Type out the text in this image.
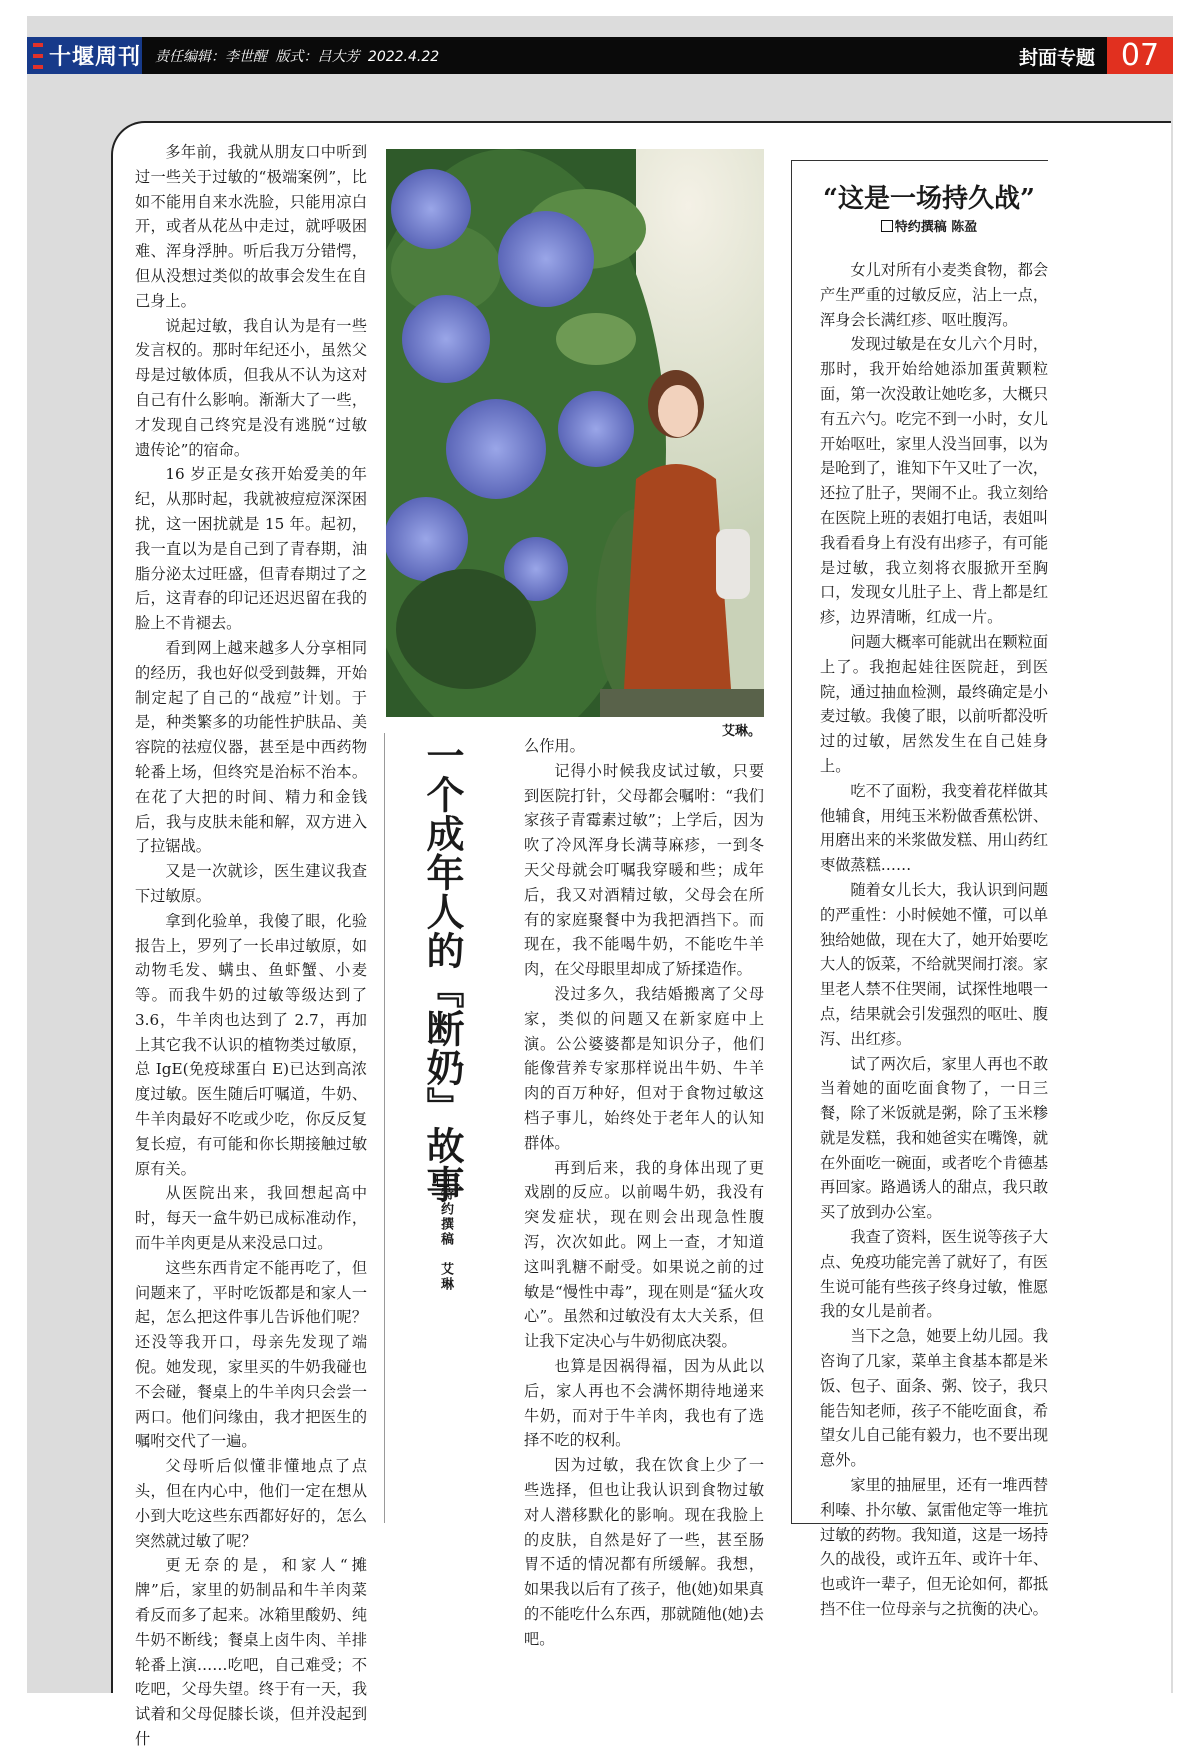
十堰周刊 责任编辑：李世醒 版式：吕大芳 2022.4.22	封面专题 07

多年前，我就从朋友口中听到过一些关于过敏的“极端案例”，比如不能用自来水洗脸，只能用凉白开，或者从花丛中走过，就呼吸困难、浑身浮肿。听后我万分错愕，但从没想过类似的故事会发生在自己身上。

说起过敏，我自认为是有一些发言权的。那时年纪还小，虽然父母是过敏体质，但我从不认为这对自己有什么影响。渐渐大了一些，才发现自己终究是没有逃脱“过敏遗传论”的宿命。

16 岁正是女孩开始爱美的年纪，从那时起，我就被痘痘深深困扰，这一困扰就是 15 年。起初，我一直以为是自己到了青春期，油脂分泌太过旺盛，但青春期过了之后，这青春的印记还迟迟留在我的脸上不肯褪去。

看到网上越来越多人分享相同的经历，我也好似受到鼓舞，开始制定起了自己的“战痘”计划。于是，种类繁多的功能性护肤品、美容院的祛痘仪器，甚至是中西药物轮番上场，但终究是治标不治本。在花了大把的时间、精力和金钱后，我与皮肤未能和解，双方进入了拉锯战。

又是一次就诊，医生建议我查下过敏原。

拿到化验单，我傻了眼，化验报告上，罗列了一长串过敏原，如动物毛发、螨虫、鱼虾蟹、小麦等。而我牛奶的过敏等级达到了 3.6，牛羊肉也达到了 2.7，再加上其它我不认识的植物类过敏原，总 IgE(免疫球蛋白 E)已达到高浓度过敏。医生随后叮嘱道，牛奶、牛羊肉最好不吃或少吃，你反反复复长痘，有可能和你长期接触过敏原有关。

从医院出来，我回想起高中时，每天一盒牛奶已成标准动作，而牛羊肉更是从来没忌口过。

这些东西肯定不能再吃了，但问题来了，平时吃饭都是和家人一起，怎么把这件事儿告诉他们呢？还没等我开口，母亲先发现了端倪。她发现，家里买的牛奶我碰也不会碰，餐桌上的牛羊肉只会尝一两口。他们问缘由，我才把医生的嘱咐交代了一遍。

父母听后似懂非懂地点了点头，但在内心中，他们一定在想从小到大吃这些东西都好好的，怎么突然就过敏了呢？

更无奈的是，和家人“摊牌”后，家里的奶制品和牛羊肉菜肴反而多了起来。冰箱里酸奶、纯牛奶不断线；餐桌上卤牛肉、羊排轮番上演……吃吧，自己难受；不吃吧，父母失望。终于有一天，我试着和父母促膝长谈，但并没起到什

艾琳。
一个成年人的『断奶』故事
特约撰稿　艾琳

么作用。

记得小时候我皮试过敏，只要到医院打针，父母都会嘱咐：“我们家孩子青霉素过敏”；上学后，因为吹了冷风浑身长满荨麻疹，一到冬天父母就会叮嘱我穿暖和些；成年后，我又对酒精过敏，父母会在所有的家庭聚餐中为我把酒挡下。而现在，我不能喝牛奶，不能吃牛羊肉，在父母眼里却成了矫揉造作。

没过多久，我结婚搬离了父母家，类似的问题又在新家庭中上演。公公婆婆都是知识分子，他们能像营养专家那样说出牛奶、牛羊肉的百万种好，但对于食物过敏这档子事儿，始终处于老年人的认知群体。

再到后来，我的身体出现了更戏剧的反应。以前喝牛奶，我没有突发症状，现在则会出现急性腹泻，次次如此。网上一查，才知道这叫乳糖不耐受。如果说之前的过敏是“慢性中毒”，现在则是“猛火攻心”。虽然和过敏没有太大关系，但让我下定决心与牛奶彻底决裂。

也算是因祸得福，因为从此以后，家人再也不会满怀期待地递来牛奶，而对于牛羊肉，我也有了选择不吃的权利。

因为过敏，我在饮食上少了一些选择，但也让我认识到食物过敏对人潜移默化的影响。现在我脸上的皮肤，自然是好了一些，甚至肠胃不适的情况都有所缓解。我想，如果我以后有了孩子，他(她)如果真的不能吃什么东西，那就随他(她)去吧。

“这是一场持久战”
特约撰稿 陈盈

女儿对所有小麦类食物，都会产生严重的过敏反应，沾上一点，浑身会长满红疹、呕吐腹泻。

发现过敏是在女儿六个月时，那时，我开始给她添加蛋黄颗粒面，第一次没敢让她吃多，大概只有五六勺。吃完不到一小时，女儿开始呕吐，家里人没当回事，以为是呛到了，谁知下午又吐了一次，还拉了肚子，哭闹不止。我立刻给在医院上班的表姐打电话，表姐叫我看看身上有没有出疹子，有可能是过敏，我立刻将衣服掀开至胸口，发现女儿肚子上、背上都是红疹，边界清晰，红成一片。

问题大概率可能就出在颗粒面上了。我抱起娃往医院赶，到医院，通过抽血检测，最终确定是小麦过敏。我傻了眼，以前听都没听过的过敏，居然发生在自己娃身上。

吃不了面粉，我变着花样做其他辅食，用纯玉米粉做香蕉松饼、用磨出来的米浆做发糕、用山药红枣做蒸糕……

随着女儿长大，我认识到问题的严重性：小时候她不懂，可以单独给她做，现在大了，她开始要吃大人的饭菜，不给就哭闹打滚。家里老人禁不住哭闹，试探性地喂一点，结果就会引发强烈的呕吐、腹泻、出红疹。

试了两次后，家里人再也不敢当着她的面吃面食物了，一日三餐，除了米饭就是粥，除了玉米糁就是发糕，我和她爸实在嘴馋，就在外面吃一碗面，或者吃个肯德基再回家。路過诱人的甜点，我只敢买了放到办公室。

我查了资料，医生说等孩子大点、免疫功能完善了就好了，有医生说可能有些孩子终身过敏，惟愿我的女儿是前者。

当下之急，她要上幼儿园。我咨询了几家，菜单主食基本都是米饭、包子、面条、粥、饺子，我只能告知老师，孩子不能吃面食，希望女儿自己能有毅力，也不要出现意外。

家里的抽屉里，还有一堆西替利嗪、扑尔敏、氯雷他定等一堆抗过敏的药物。我知道，这是一场持久的战役，或许五年、或许十年、也或许一辈子，但无论如何，都抵挡不住一位母亲与之抗衡的决心。
